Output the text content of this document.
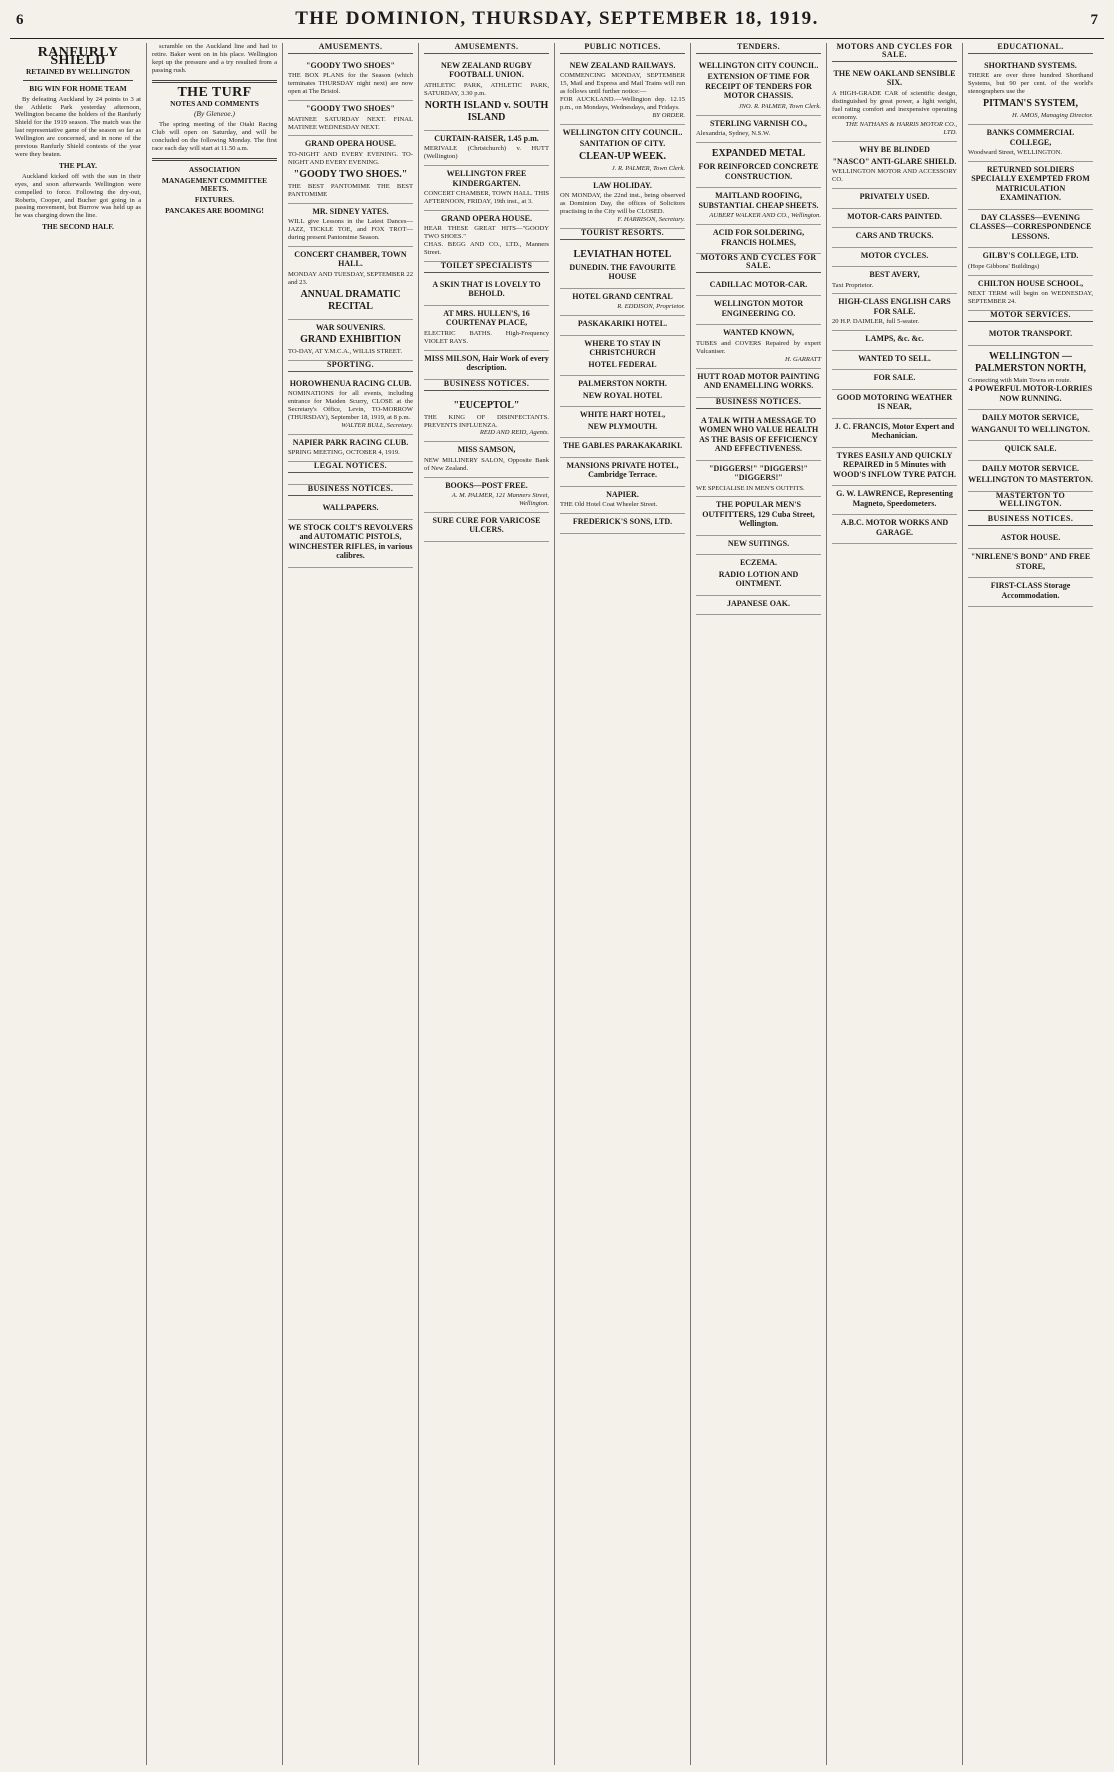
6	THE DOMINION, THURSDAY, SEPTEMBER 18, 1919.	7
RANFURLY SHIELD
RETAINED BY WELLINGTON
BIG WIN FOR HOME TEAM

By defeating Auckland by 24 points to 3 at the Athletic Park yesterday afternoon, Wellington became the holders of the Ranfurly Shield for the 1919 season. The match was the last representative game of the season so far as Wellington are concerned, and in none of the previous Ranfurly Shield contests of the year were they beaten.

THE PLAY.

Auckland kicked off with the sun in their eyes, and soon afterwards Wellington were compelled to force. Following the dry-out, Roberts, Cooper, and Bucher got going in a passing movement, but Burrow was held up as he was charging down the line.

THE SECOND HALF.

scramble on the Auckland line and had to retire. Baker went on in his place. Wellington kept up the pressure and a try resulted from a passing rush.

THE TURF
NOTES AND COMMENTS
(By Gleneoe.)

The spring meeting of the Otaki Racing Club will open on Saturday, and will be concluded on the following Monday. The first race each day will start at 11.50 a.m.

ASSOCIATION
MANAGEMENT COMMITTEE MEETS.
FIXTURES.
PANCAKES ARE BOOMING!
AMUSEMENTS.
"GOODY TWO SHOES"
THE BOX PLANS for the Season (which terminates THURSDAY night next) are now open at The Bristol.
"GOODY TWO SHOES"
MATINEE SATURDAY NEXT. FINAL MATINEE WEDNESDAY NEXT.
GRAND OPERA HOUSE.
TO-NIGHT AND EVERY EVENING. TO-NIGHT AND EVERY EVENING.
"GOODY TWO SHOES."
THE BEST PANTOMIME THE BEST PANTOMIME
MR. SIDNEY YATES.
WILL give Lessons in the Latest Dances—JAZZ, TICKLE TOE, and FOX TROT—during present Pantomime Season.
CONCERT CHAMBER, TOWN HALL.
MONDAY AND TUESDAY, SEPTEMBER 22 and 23.
ANNUAL DRAMATIC RECITAL
WAR SOUVENIRS.
GRAND EXHIBITION
TO-DAY, AT Y.M.C.A., WILLIS STREET.
SPORTING.
HOROWHENUA RACING CLUB.
NOMINATIONS for all events, including entrance for Maiden Scurry, CLOSE at the Secretary's Office, Levin, TO-MORROW (THURSDAY), September 18, 1919, at 8 p.m.
WALTER BULL, Secretary.
NAPIER PARK RACING CLUB.
SPRING MEETING, OCTOBER 4, 1919.
LEGAL NOTICES.
BUSINESS NOTICES.
WALLPAPERS.
WE STOCK COLT'S REVOLVERS and AUTOMATIC PISTOLS, WINCHESTER RIFLES, in various calibres.
AMUSEMENTS.
NEW ZEALAND RUGBY FOOTBALL UNION.
ATHLETIC PARK, ATHLETIC PARK, SATURDAY, 3.30 p.m.
NORTH ISLAND v. SOUTH ISLAND
CURTAIN-RAISER, 1.45 p.m.
MERIVALE (Christchurch) v. HUTT (Wellington)
WELLINGTON FREE KINDERGARTEN.
CONCERT CHAMBER, TOWN HALL. THIS AFTERNOON, FRIDAY, 19th inst., at 3.
GRAND OPERA HOUSE.
HEAR THESE GREAT HITS—"GOODY TWO SHOES."
CHAS. BEGG AND CO., LTD., Manners Street.
TOILET SPECIALISTS
A SKIN THAT IS LOVELY TO BEHOLD.
AT MRS. HULLEN'S, 16 COURTENAY PLACE,
ELECTRIC BATHS. High-Frequency VIOLET RAYS.
MISS MILSON, Hair Work of every description.
BUSINESS NOTICES.
"EUCEPTOL"
THE KING OF DISINFECTANTS. PREVENTS INFLUENZA.
REID AND REID, Agents.
MISS SAMSON,
NEW MILLINERY SALON, Opposite Bank of New Zealand.
BOOKS—POST FREE.
A. M. PALMER, 121 Manners Street, Wellington.
SURE CURE FOR VARICOSE ULCERS.
PUBLIC NOTICES.
NEW ZEALAND RAILWAYS.
COMMENCING MONDAY, SEPTEMBER 15, Mail and Express and Mail Trains will run as follows until further notice:—
FOR AUCKLAND.—Wellington dep. 12.15 p.m., on Mondays, Wednesdays, and Fridays.
BY ORDER.
WELLINGTON CITY COUNCIL.
SANITATION OF CITY.
CLEAN-UP WEEK.
J. R. PALMER, Town Clerk.
LAW HOLIDAY.
ON MONDAY, the 22nd inst., being observed as Dominion Day, the offices of Solicitors practising in the City will be CLOSED.
F. HARRISON, Secretary.
TOURIST RESORTS.
LEVIATHAN HOTEL
DUNEDIN. THE FAVOURITE HOUSE
HOTEL GRAND CENTRAL
R. EDDISON, Proprietor.
PASKAKARIKI HOTEL.
WHERE TO STAY IN CHRISTCHURCH
HOTEL FEDERAL
PALMERSTON NORTH.
NEW ROYAL HOTEL
WHITE HART HOTEL,
NEW PLYMOUTH.
THE GABLES PARAKAKARIKI.
MANSIONS PRIVATE HOTEL, Cambridge Terrace.
NAPIER.
THE Old Hotel Coat Wheeler Street.
FREDERICK'S SONS, LTD.
TENDERS.
WELLINGTON CITY COUNCIL.
EXTENSION OF TIME FOR RECEIPT OF TENDERS FOR MOTOR CHASSIS.
JNO. R. PALMER, Town Clerk.
STERLING VARNISH CO.,
Alexandria, Sydney, N.S.W.
EXPANDED METAL
FOR REINFORCED CONCRETE CONSTRUCTION.
MAITLAND ROOFING, SUBSTANTIAL CHEAP SHEETS.
AUBERT WALKER AND CO., Wellington.
ACID FOR SOLDERING, FRANCIS HOLMES,
MOTORS AND CYCLES FOR SALE.
CADILLAC MOTOR-CAR.
WELLINGTON MOTOR ENGINEERING CO.
WANTED KNOWN,
TUBES and COVERS Repaired by expert Vulcaniser.
H. GARRATT
HUTT ROAD MOTOR PAINTING AND ENAMELLING WORKS.
BUSINESS NOTICES.
A TALK WITH A MESSAGE TO WOMEN WHO VALUE HEALTH AS THE BASIS OF EFFICIENCY AND EFFECTIVENESS.
"DIGGERS!" "DIGGERS!" "DIGGERS!"
WE SPECIALISE IN MEN'S OUTFITS.
THE POPULAR MEN'S OUTFITTERS, 129 Cuba Street, Wellington.
NEW SUITINGS.
ECZEMA.
RADIO LOTION AND OINTMENT.
JAPANESE OAK.
MOTORS AND CYCLES FOR SALE.
THE NEW OAKLAND SENSIBLE SIX.
A HIGH-GRADE CAR of scientific design, distinguished by great power, a light weight, fuel rating comfort and inexpensive operating economy.
THE NATHANS & HARRIS MOTOR CO., LTD.
WHY BE BLINDED
"NASCO" ANTI-GLARE SHIELD.
WELLINGTON MOTOR AND ACCESSORY CO.
PRIVATELY USED.
MOTOR-CARS PAINTED.
CARS AND TRUCKS.
MOTOR CYCLES.
BEST AVERY,
Taxi Proprietor.
HIGH-CLASS ENGLISH CARS FOR SALE.
20 H.P. DAIMLER, full 5-seater.
LAMPS, &c. &c.
WANTED TO SELL.
FOR SALE.
GOOD MOTORING WEATHER IS NEAR,
J. C. FRANCIS, Motor Expert and Mechanician.
TYRES EASILY AND QUICKLY REPAIRED in 5 Minutes with WOOD'S INFLOW TYRE PATCH.
G. W. LAWRENCE, Representing Magneto, Speedometers.
A.B.C. MOTOR WORKS AND GARAGE.
EDUCATIONAL.
SHORTHAND SYSTEMS.
THERE are over three hundred Shorthand Systems, but 90 per cent. of the world's stenographers use the
PITMAN'S SYSTEM,
H. AMOS, Managing Director.
BANKS COMMERCIAL COLLEGE,
Woodward Street, WELLINGTON.
RETURNED SOLDIERS SPECIALLY EXEMPTED FROM MATRICULATION EXAMINATION.
DAY CLASSES—EVENING CLASSES—CORRESPONDENCE LESSONS.
GILBY'S COLLEGE, LTD.
(Hope Gibbons' Buildings)
CHILTON HOUSE SCHOOL,
NEXT TERM will begin on WEDNESDAY, SEPTEMBER 24.
MOTOR SERVICES.
MOTOR TRANSPORT.
WELLINGTON — PALMERSTON NORTH,
Connecting with Main Towns en route.
4 POWERFUL MOTOR-LORRIES NOW RUNNING.
DAILY MOTOR SERVICE,
WANGANUI TO WELLINGTON.
QUICK SALE.
DAILY MOTOR SERVICE.
WELLINGTON TO MASTERTON.
MASTERTON TO WELLINGTON.
BUSINESS NOTICES.
ASTOR HOUSE.
"NIRLENE'S BOND" AND FREE STORE,
FIRST-CLASS Storage Accommodation.
